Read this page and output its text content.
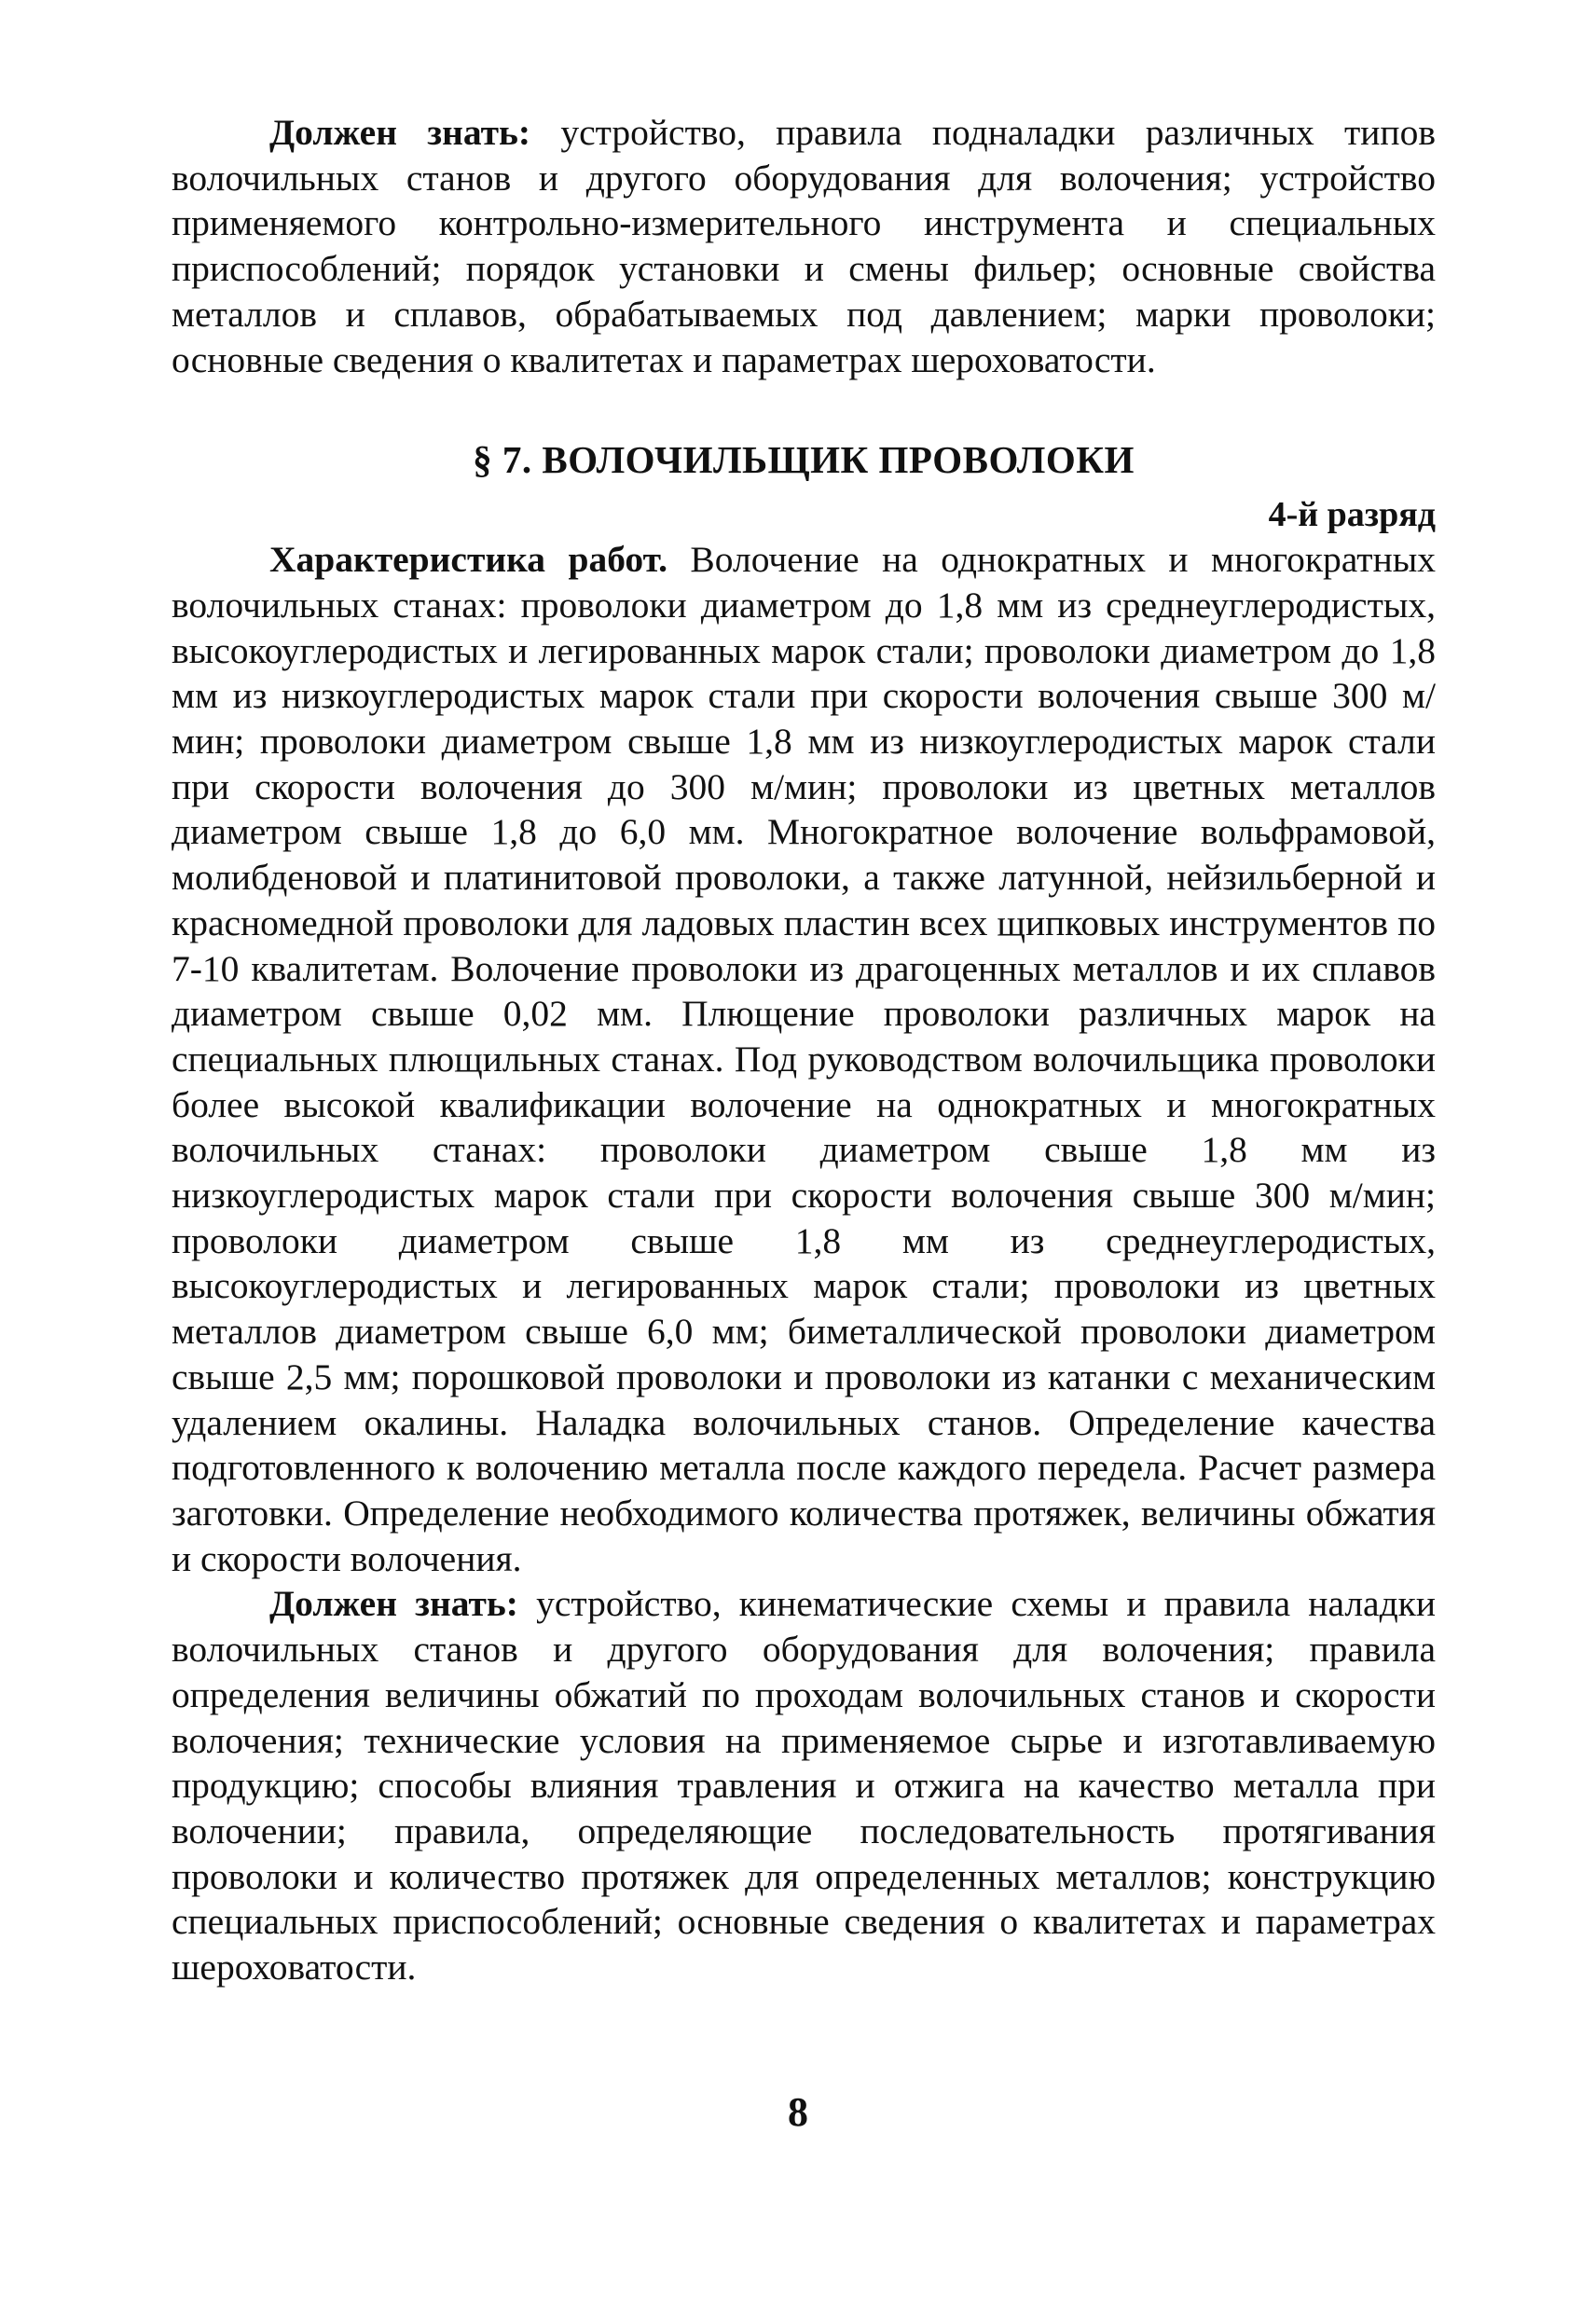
Должен знать: устройство, правила подналадки различных типов волочильных станов и другого оборудования для волочения; устройство применяемого контрольно-измерительного инструмента и специальных приспособлений; порядок установки и смены фильер; основные свойства металлов и сплавов, обрабатываемых под давлением; марки проволоки; основные сведения о квалитетах и параметрах шероховатости.

§ 7. ВОЛОЧИЛЬЩИК ПРОВОЛОКИ
4-й разряд

Характеристика работ. Волочение на однократных и многократных волочильных станах: проволоки диаметром до 1,8 мм из среднеуглеродистых, высокоуглеродистых и легированных марок стали; проволоки диаметром до 1,8 мм из низкоуглеродистых марок стали при скорости волочения свыше 300 м/мин; проволоки диаметром свыше 1,8 мм из низкоуглеродистых марок стали при скорости волочения до 300 м/мин; проволоки из цветных металлов диаметром свыше 1,8 до 6,0 мм. Многократное волочение вольфрамовой, молибденовой и платинитовой проволоки, а также латунной, нейзильберной и красномедной проволоки для ладовых пластин всех щипковых инструментов по 7-10 квалитетам. Волочение проволоки из драгоценных металлов и их сплавов диаметром свыше 0,02 мм. Плющение проволоки различных марок на специальных плющильных станах. Под руководством волочильщика проволоки более высокой квалификации волочение на однократных и многократных волочильных станах: проволоки диаметром свыше 1,8 мм из низкоуглеродистых марок стали при скорости волочения свыше 300 м/мин; проволоки диаметром свыше 1,8 мм из среднеуглеродистых, высокоуглеродистых и легированных марок стали; проволоки из цветных металлов диаметром свыше 6,0 мм; биметаллической проволоки диаметром свыше 2,5 мм; порошковой проволоки и проволоки из катанки с механическим удалением окалины. Наладка волочильных станов. Определение качества подготовленного к волочению металла после каждого передела. Расчет размера заготовки. Определение необходимого количества протяжек, величины обжатия и скорости волочения.

Должен знать: устройство, кинематические схемы и правила наладки волочильных станов и другого оборудования для волочения; правила определения величины обжатий по проходам волочильных станов и скорости волочения; технические условия на применяемое сырье и изготавливаемую продукцию; способы влияния травления и отжига на качество металла при волочении; правила, определяющие последовательность протягивания проволоки и количество протяжек для определенных металлов; конструкцию специальных приспособлений; основные сведения о квалитетах и параметрах шероховатости.

8
